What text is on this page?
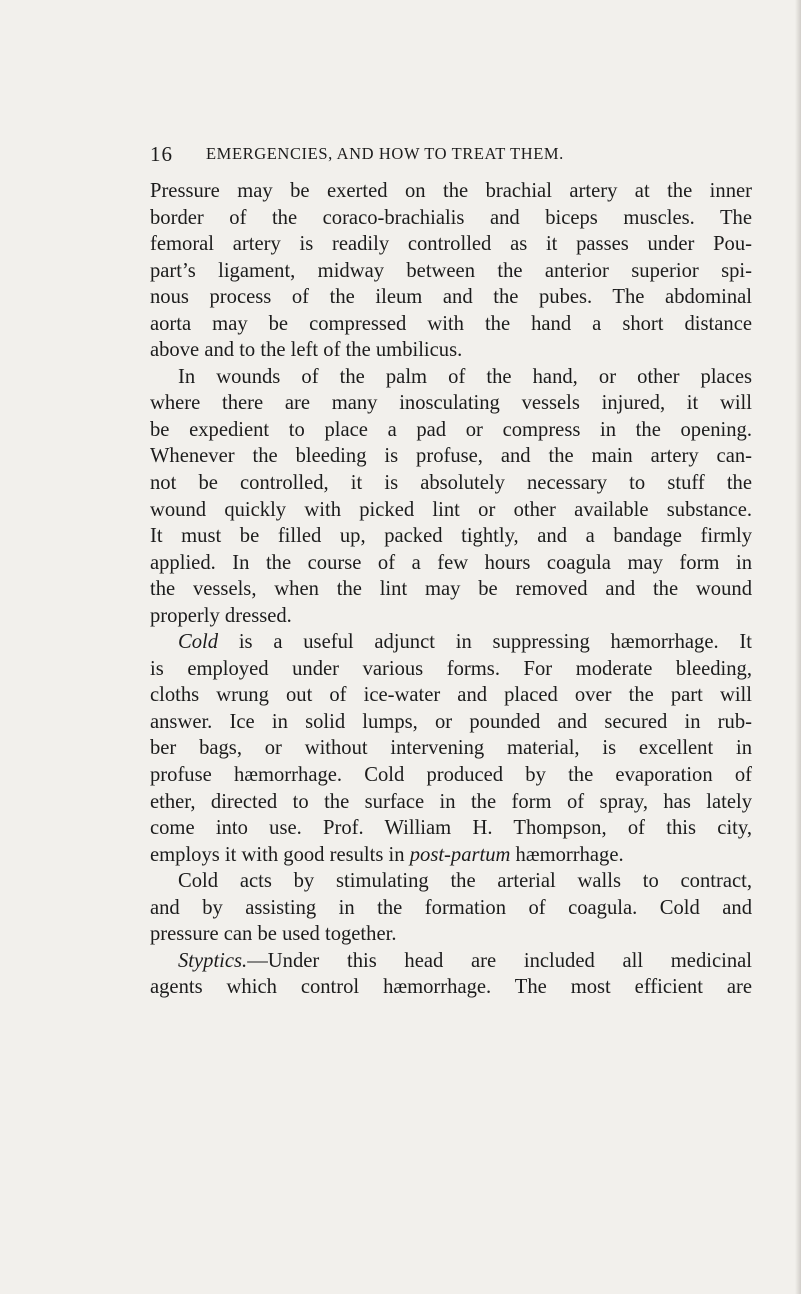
16 EMERGENCIES, AND HOW TO TREAT THEM.
Pressure may be exerted on the brachial artery at the inner
border of the coraco-brachialis and biceps muscles. The
femoral artery is readily controlled as it passes under Pou-
part’s ligament, midway between the anterior superior spi-
nous process of the ileum and the pubes. The abdominal
aorta may be compressed with the hand a short distance
above and to the left of the umbilicus.
In wounds of the palm of the hand, or other places
where there are many inosculating vessels injured, it will
be expedient to place a pad or compress in the opening.
Whenever the bleeding is profuse, and the main artery can-
not be controlled, it is absolutely necessary to stuff the
wound quickly with picked lint or other available substance.
It must be filled up, packed tightly, and a bandage firmly
applied. In the course of a few hours coagula may form in
the vessels, when the lint may be removed and the wound
properly dressed.
Cold is a useful adjunct in suppressing hæmorrhage. It
is employed under various forms. For moderate bleeding,
cloths wrung out of ice-water and placed over the part will
answer. Ice in solid lumps, or pounded and secured in rub-
ber bags, or without intervening material, is excellent in
profuse hæmorrhage. Cold produced by the evaporation of
ether, directed to the surface in the form of spray, has lately
come into use. Prof. William H. Thompson, of this city,
employs it with good results in post-partum hæmorrhage.
Cold acts by stimulating the arterial walls to contract,
and by assisting in the formation of coagula. Cold and
pressure can be used together.
Styptics.—Under this head are included all medicinal
agents which control hæmorrhage. The most efficient are
